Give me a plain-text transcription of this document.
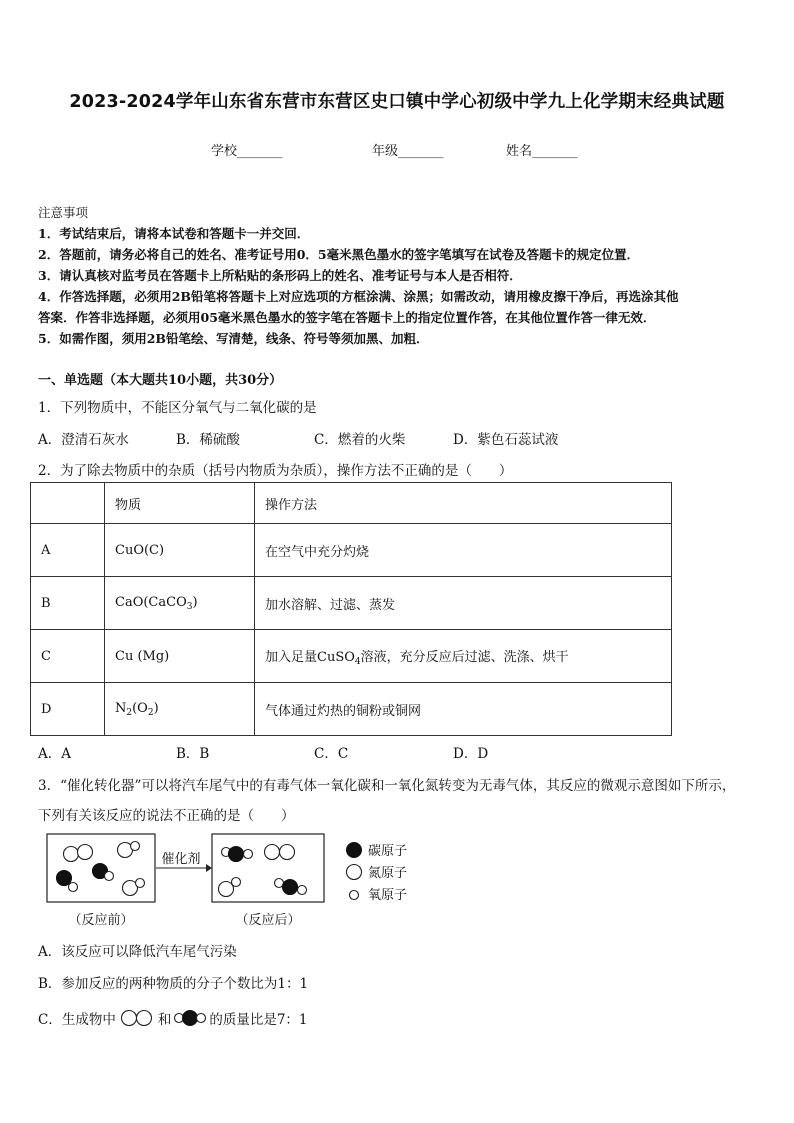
2023-2024学年山东省东营市东营区史口镇中学心初级中学九上化学期末经典试题
学校_______	年级_______	姓名_______
注意事项
1．考试结束后，请将本试卷和答题卡一并交回．
2．答题前，请务必将自己的姓名、准考证号用0．5毫米黑色墨水的签字笔填写在试卷及答题卡的规定位置．
3．请认真核对监考员在答题卡上所粘贴的条形码上的姓名、准考证号与本人是否相符．
4．作答选择题，必须用2B铅笔将答题卡上对应选项的方框涂满、涂黑；如需改动，请用橡皮擦干净后，再选涂其他
答案．作答非选择题，必须用05毫米黑色墨水的签字笔在答题卡上的指定位置作答，在其他位置作答一律无效．
5．如需作图，须用2B铅笔绘、写清楚，线条、符号等须加黑、加粗．
一、单选题（本大题共10小题，共30分）
1．下列物质中，不能区分氧气与二氧化碳的是
A．澄清石灰水	B．稀硫酸	C．燃着的火柴	D．紫色石蕊试液
2．为了除去物质中的杂质（括号内物质为杂质），操作方法不正确的是（　　）
	物质	操作方法
A	CuO(C)	在空气中充分灼烧
B	CaO(CaCO$_3$)	加水溶解、过滤、蒸发
C	Cu (Mg)	加入足量CuSO$_4$溶液，充分反应后过滤、洗涤、烘干
D	$N_2(O_2)$	气体通过灼热的铜粉或铜网
A．A	B．B	C．C	D．D
3．“催化转化器”可以将汽车尾气中的有毒气体一氧化碳和一氧化氮转变为无毒气体，其反应的微观示意图如下所示，
下列有关该反应的说法不正确的是（　　）
催化剂
（反应前）	（反应后）
碳原子
氮原子
氧原子
A．该反应可以降低汽车尾气污染
B．参加反应的两种物质的分子个数比为1：1
C．生成物中	和	的质量比是7：1
